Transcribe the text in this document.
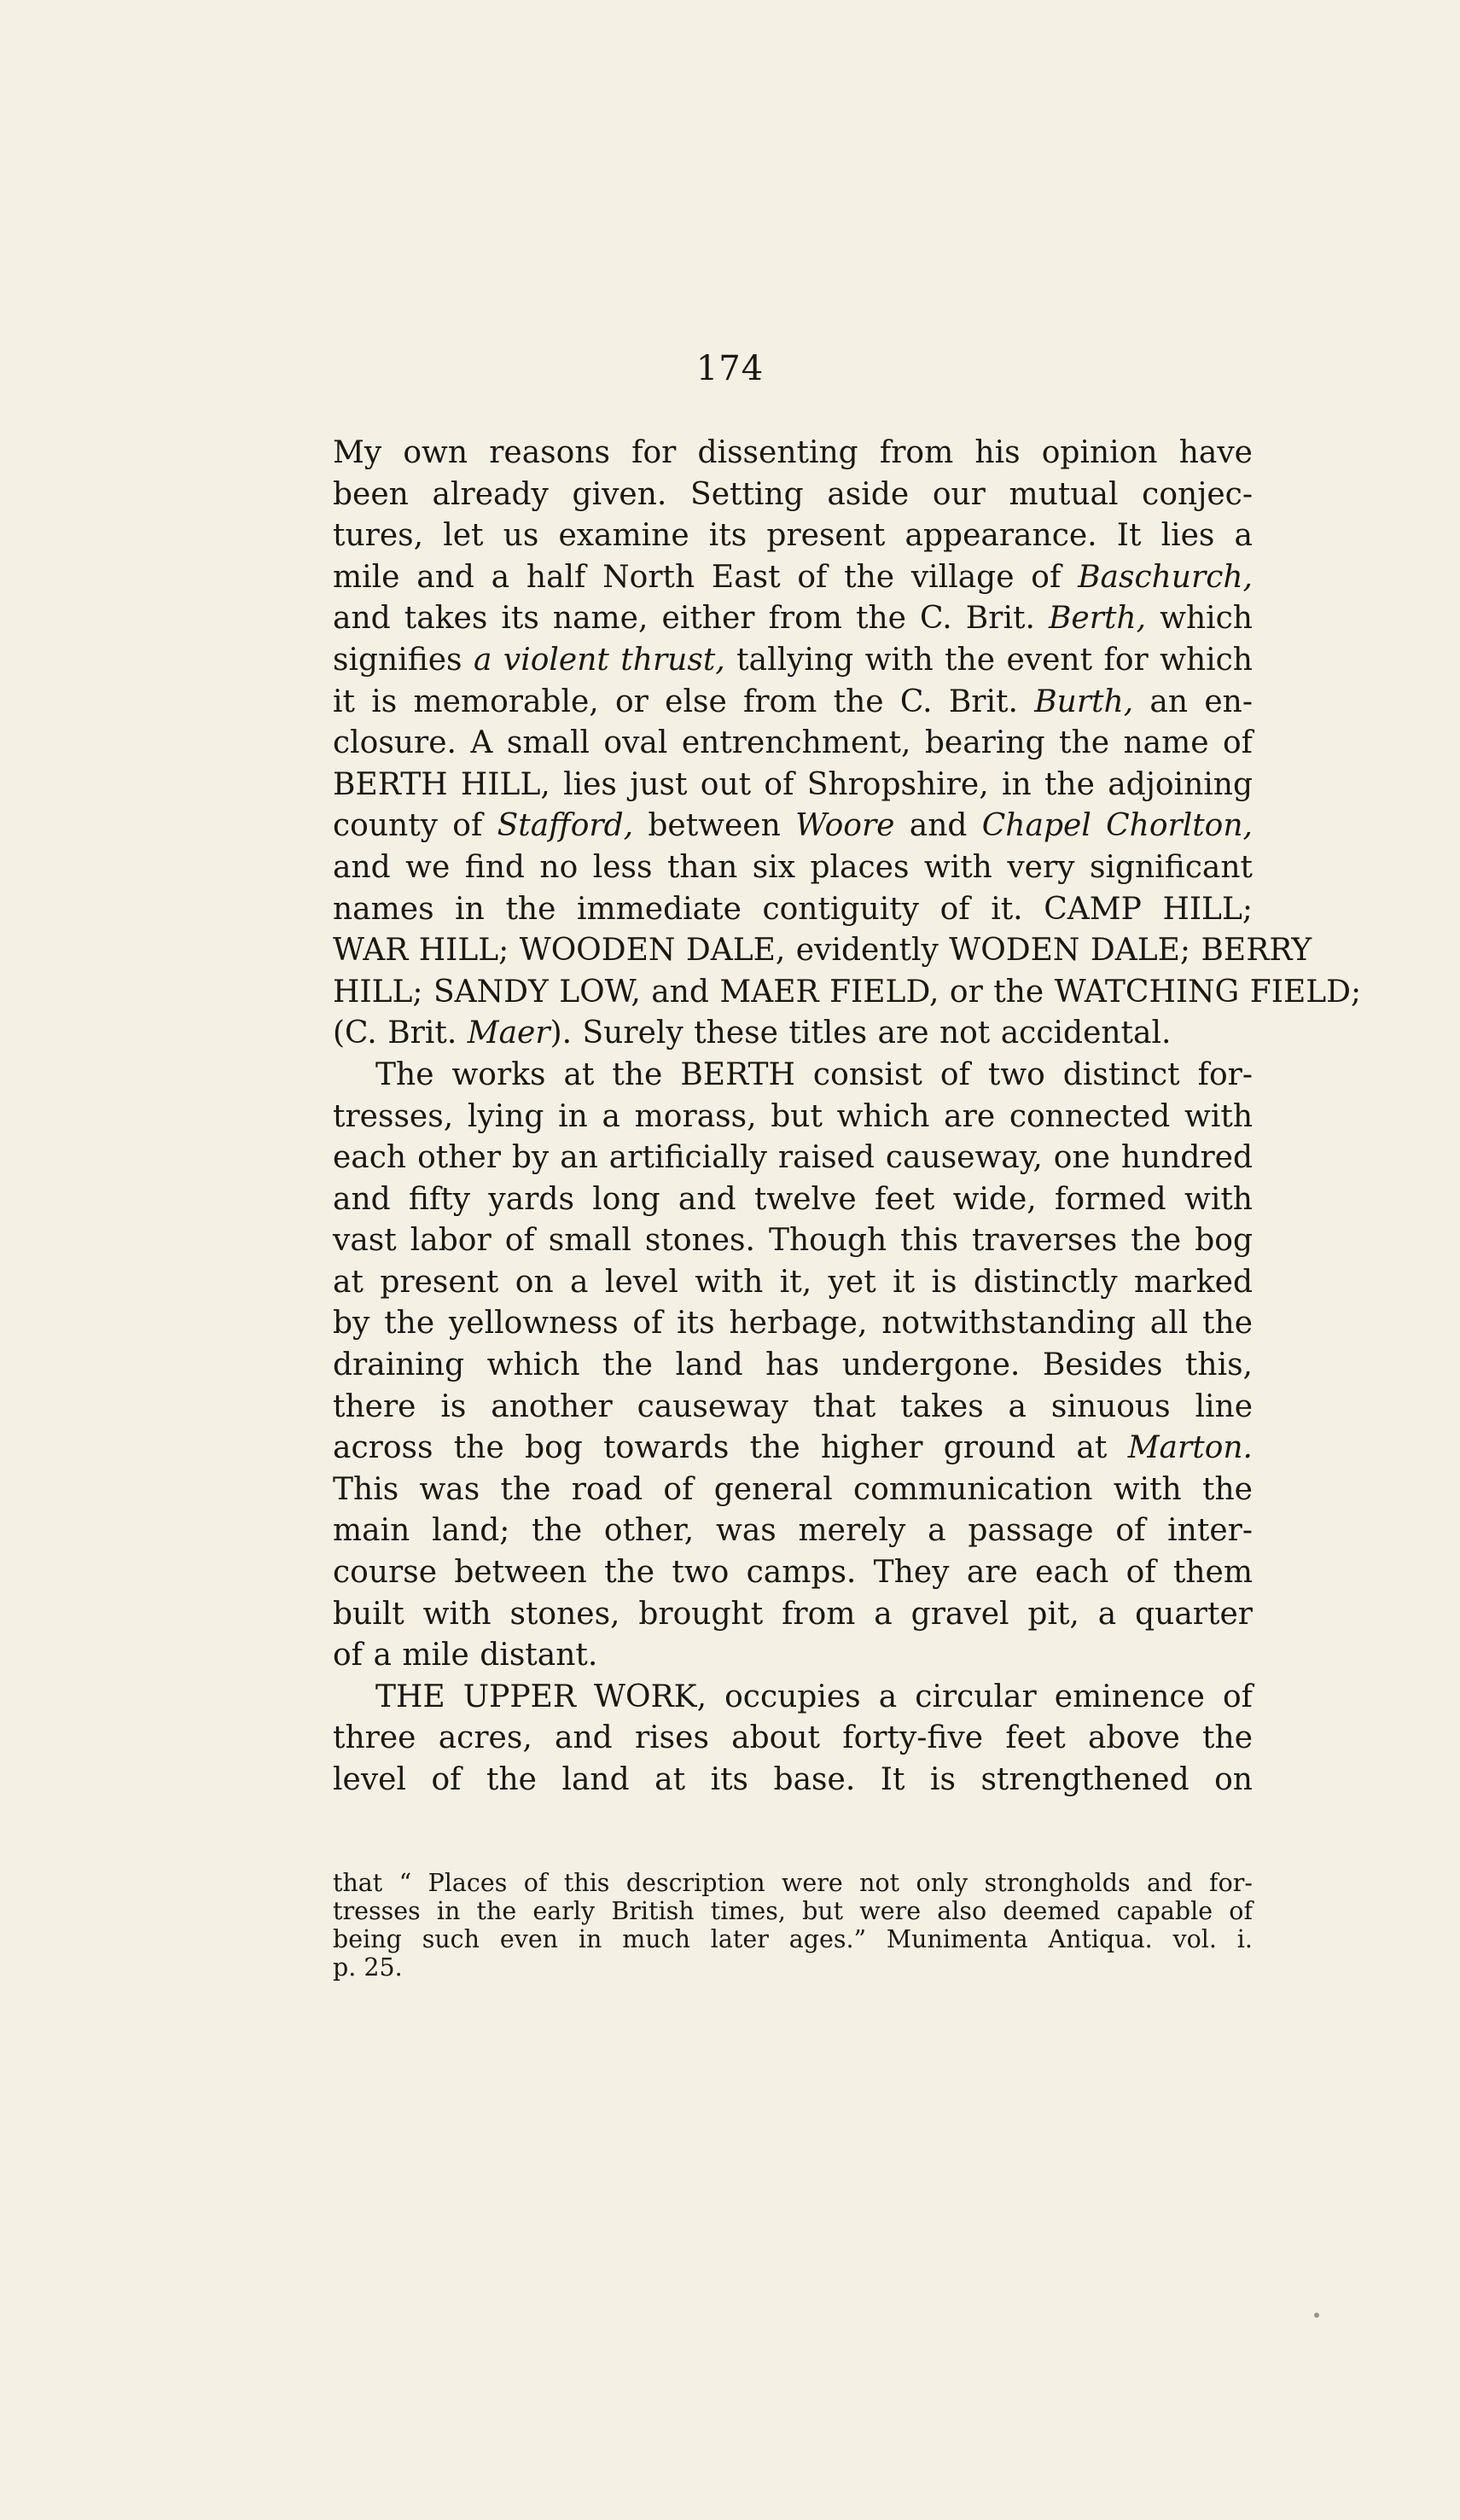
174
My own reasons for dissenting from his opinion have
been already given. Setting aside our mutual conjec-
tures, let us examine its present appearance. It lies a
mile and a half North East of the village of Baschurch,
and takes its name, either from the C. Brit. Berth, which
signifies a violent thrust, tallying with the event for which
it is memorable, or else from the C. Brit. Burth, an en-
closure. A small oval entrenchment, bearing the name of
BERTH HILL, lies just out of Shropshire, in the adjoining
county of Stafford, between Woore and Chapel Chorlton,
and we find no less than six places with very significant
names in the immediate contiguity of it. CAMP HILL;
WAR HILL; WOODEN DALE, evidently WODEN DALE; BERRY
HILL; SANDY LOW, and MAER FIELD, or the WATCHING FIELD;
(C. Brit. Maer). Surely these titles are not accidental.
The works at the BERTH consist of two distinct for-
tresses, lying in a morass, but which are connected with
each other by an artificially raised causeway, one hundred
and fifty yards long and twelve feet wide, formed with
vast labor of small stones. Though this traverses the bog
at present on a level with it, yet it is distinctly marked
by the yellowness of its herbage, notwithstanding all the
draining which the land has undergone. Besides this,
there is another causeway that takes a sinuous line
across the bog towards the higher ground at Marton.
This was the road of general communication with the
main land; the other, was merely a passage of inter-
course between the two camps. They are each of them
built with stones, brought from a gravel pit, a quarter
of a mile distant.
THE UPPER WORK, occupies a circular eminence of
three acres, and rises about forty-five feet above the
level of the land at its base. It is strengthened on
that “ Places of this description were not only strongholds and for-
tresses in the early British times, but were also deemed capable of
being such even in much later ages.” Munimenta Antiqua. vol. i.
p. 25.
